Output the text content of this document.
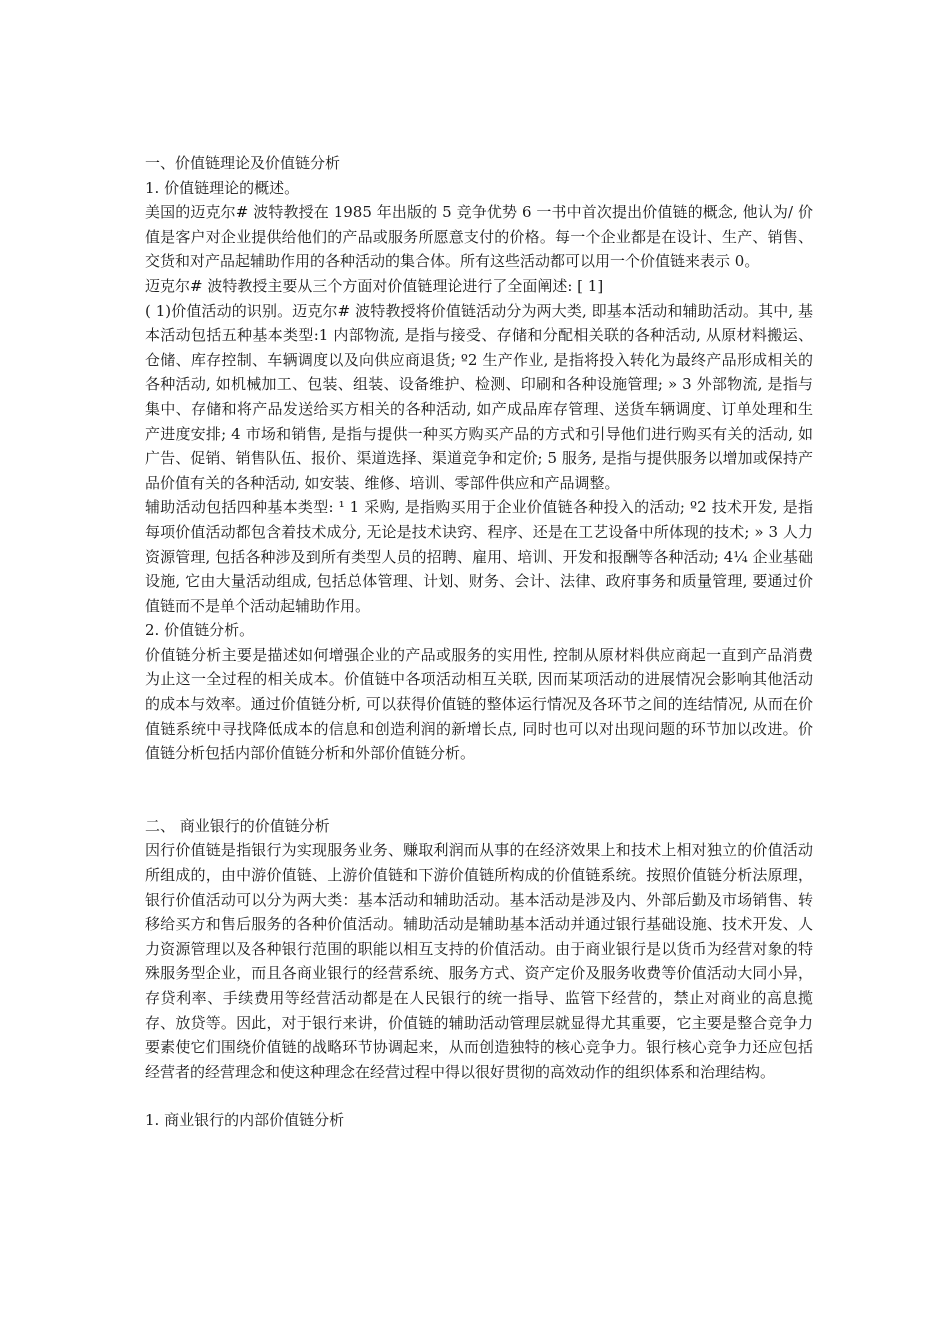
一、价值链理论及价值链分析

1. 价值链理论的概述。

美国的迈克尔# 波特教授在 1985 年出版的 5 竞争优势 6 一书中首次提出价值链的概念, 他认为/ 价值是客户对企业提供给他们的产品或服务所愿意支付的价格。每一个企业都是在设计、生产、销售、交货和对产品起辅助作用的各种活动的集合体。所有这些活动都可以用一个价值链来表示 0。

迈克尔# 波特教授主要从三个方面对价值链理论进行了全面阐述: [ 1]

( 1)价值活动的识别。迈克尔# 波特教授将价值链活动分为两大类, 即基本活动和辅助活动。其中, 基本活动包括五种基本类型:1 内部物流, 是指与接受、存储和分配相关联的各种活动, 从原材料搬运、仓储、库存控制、车辆调度以及向供应商退货; º2 生产作业, 是指将投入转化为最终产品形成相关的各种活动, 如机械加工、包装、组装、设备维护、检测、印刷和各种设施管理; » 3 外部物流, 是指与集中、存储和将产品发送给买方相关的各种活动, 如产成品库存管理、送货车辆调度、订单处理和生产进度安排; 4 市场和销售, 是指与提供一种买方购买产品的方式和引导他们进行购买有关的活动, 如广告、促销、销售队伍、报价、渠道选择、渠道竞争和定价; 5 服务, 是指与提供服务以增加或保持产品价值有关的各种活动, 如安装、维修、培训、零部件供应和产品调整。

辅助活动包括四种基本类型: ¹ 1 采购, 是指购买用于企业价值链各种投入的活动; º2 技术开发, 是指每项价值活动都包含着技术成分, 无论是技术诀窍、程序、还是在工艺设备中所体现的技术; » 3 人力资源管理, 包括各种涉及到所有类型人员的招聘、雇用、培训、开发和报酬等各种活动; 4¼ 企业基础设施, 它由大量活动组成, 包括总体管理、计划、财务、会计、法律、政府事务和质量管理, 要通过价值链而不是单个活动起辅助作用。

2. 价值链分析。

价值链分析主要是描述如何增强企业的产品或服务的实用性, 控制从原材料供应商起一直到产品消费为止这一全过程的相关成本。价值链中各项活动相互关联, 因而某项活动的进展情况会影响其他活动的成本与效率。通过价值链分析, 可以获得价值链的整体运行情况及各环节之间的连结情况, 从而在价值链系统中寻找降低成本的信息和创造利润的新增长点, 同时也可以对出现问题的环节加以改进。价值链分析包括内部价值链分析和外部价值链分析。

二、 商业银行的价值链分析

因行价值链是指银行为实现服务业务、赚取利润而从事的在经济效果上和技术上相对独立的价值活动所组成的，由中游价值链、上游价值链和下游价值链所构成的价值链系统。按照价值链分析法原理，银行价值活动可以分为两大类：基本活动和辅助活动。基本活动是涉及内、外部后勤及市场销售、转移给买方和售后服务的各种价值活动。辅助活动是辅助基本活动并通过银行基础设施、技术开发、人力资源管理以及各种银行范围的职能以相互支持的价值活动。由于商业银行是以货币为经营对象的特殊服务型企业，而且各商业银行的经营系统、服务方式、资产定价及服务收费等价值活动大同小异，存贷利率、手续费用等经营活动都是在人民银行的统一指导、监管下经营的，禁止对商业的高息揽存、放贷等。因此，对于银行来讲，价值链的辅助活动管理层就显得尤其重要，它主要是整合竞争力要素使它们围绕价值链的战略环节协调起来，从而创造独特的核心竞争力。银行核心竞争力还应包括经营者的经营理念和使这种理念在经营过程中得以很好贯彻的高效动作的组织体系和治理结构。

1. 商业银行的内部价值链分析
